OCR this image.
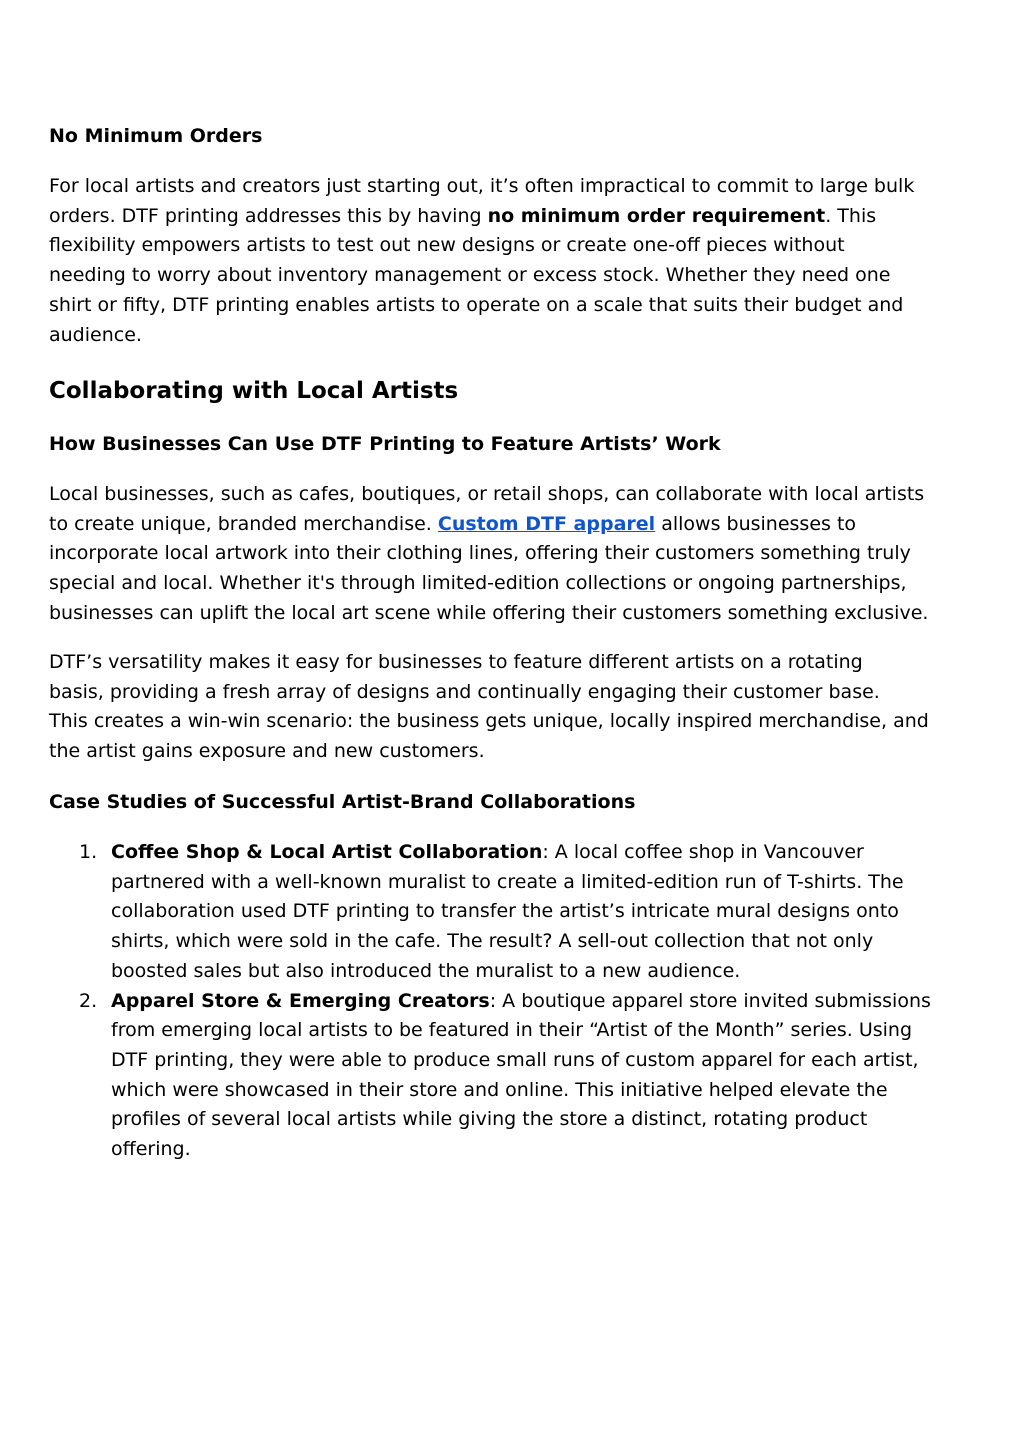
No Minimum Orders

For local artists and creators just starting out, it’s often impractical to commit to large bulk
orders. DTF printing addresses this by having no minimum order requirement. This
flexibility empowers artists to test out new designs or create one-off pieces without
needing to worry about inventory management or excess stock. Whether they need one
shirt or fifty, DTF printing enables artists to operate on a scale that suits their budget and
audience.

Collaborating with Local Artists
How Businesses Can Use DTF Printing to Feature Artists’ Work

Local businesses, such as cafes, boutiques, or retail shops, can collaborate with local artists
to create unique, branded merchandise. Custom DTF apparel allows businesses to
incorporate local artwork into their clothing lines, offering their customers something truly
special and local. Whether it's through limited-edition collections or ongoing partnerships,
businesses can uplift the local art scene while offering their customers something exclusive.

DTF’s versatility makes it easy for businesses to feature different artists on a rotating
basis, providing a fresh array of designs and continually engaging their customer base.
This creates a win-win scenario: the business gets unique, locally inspired merchandise, and
the artist gains exposure and new customers.

Case Studies of Successful Artist-Brand Collaborations
1. Coffee Shop & Local Artist Collaboration: A local coffee shop in Vancouver
partnered with a well-known muralist to create a limited-edition run of T-shirts. The
collaboration used DTF printing to transfer the artist’s intricate mural designs onto
shirts, which were sold in the cafe. The result? A sell-out collection that not only
boosted sales but also introduced the muralist to a new audience.
2. Apparel Store & Emerging Creators: A boutique apparel store invited submissions
from emerging local artists to be featured in their “Artist of the Month” series. Using
DTF printing, they were able to produce small runs of custom apparel for each artist,
which were showcased in their store and online. This initiative helped elevate the
profiles of several local artists while giving the store a distinct, rotating product
offering.
